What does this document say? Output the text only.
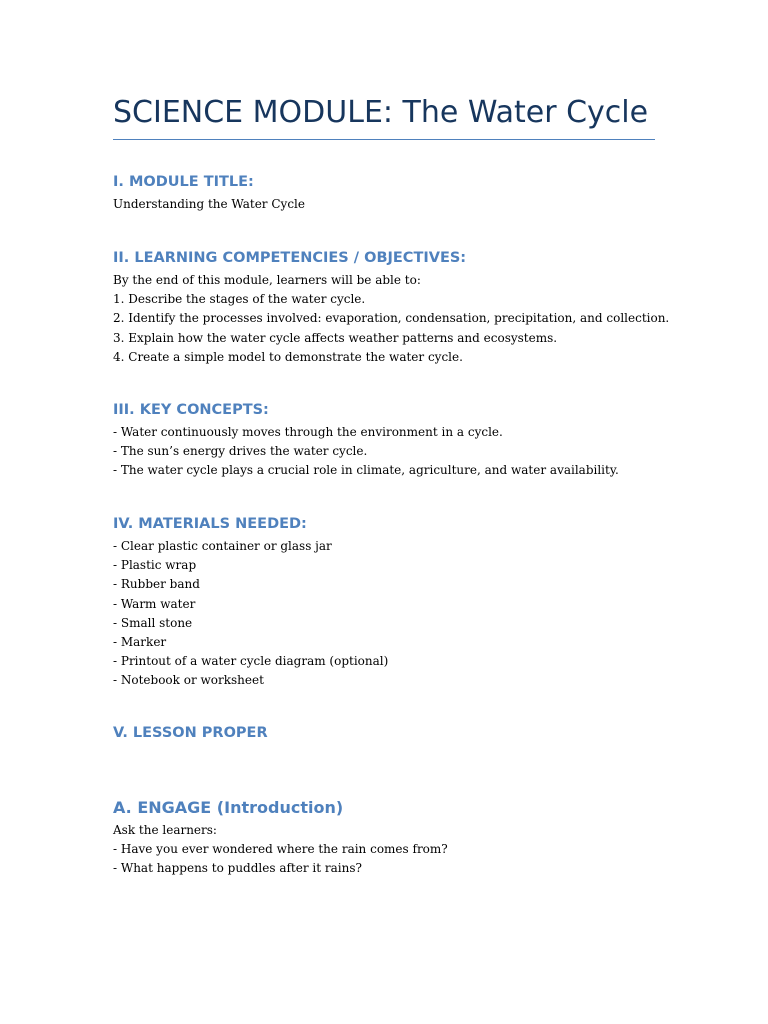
SCIENCE MODULE: The Water Cycle
I. MODULE TITLE:
Understanding the Water Cycle
II. LEARNING COMPETENCIES / OBJECTIVES:
By the end of this module, learners will be able to:
1. Describe the stages of the water cycle.
2. Identify the processes involved: evaporation, condensation, precipitation, and collection.
3. Explain how the water cycle affects weather patterns and ecosystems.
4. Create a simple model to demonstrate the water cycle.
III. KEY CONCEPTS:
- Water continuously moves through the environment in a cycle.
- The sun’s energy drives the water cycle.
- The water cycle plays a crucial role in climate, agriculture, and water availability.
IV. MATERIALS NEEDED:
- Clear plastic container or glass jar
- Plastic wrap
- Rubber band
- Warm water
- Small stone
- Marker
- Printout of a water cycle diagram (optional)
- Notebook or worksheet
V. LESSON PROPER
A. ENGAGE (Introduction)
Ask the learners:
- Have you ever wondered where the rain comes from?
- What happens to puddles after it rains?
